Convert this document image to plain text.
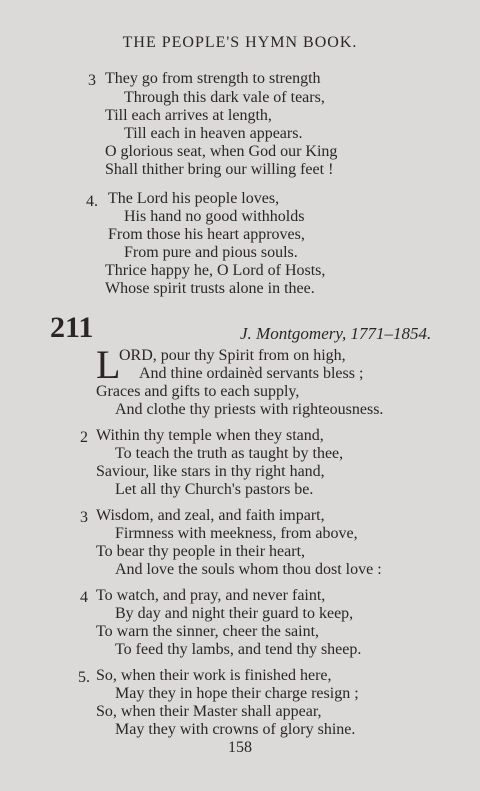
THE PEOPLE'S HYMN BOOK.
3 They go from strength to strength
Through this dark vale of tears,
Till each arrives at length,
Till each in heaven appears.
O glorious seat, when God our King
Shall thither bring our willing feet !
4. The Lord his people loves,
His hand no good withholds
From those his heart approves,
From pure and pious souls.
Thrice happy he, O Lord of Hosts,
Whose spirit trusts alone in thee.
211	J. Montgomery, 1771–1854.
L
ORD, pour thy Spirit from on high,
And thine ordainèd servants bless ;
Graces and gifts to each supply,
And clothe thy priests with righteousness.
2 Within thy temple when they stand,
To teach the truth as taught by thee,
Saviour, like stars in thy right hand,
Let all thy Church's pastors be.
3 Wisdom, and zeal, and faith impart,
Firmness with meekness, from above,
To bear thy people in their heart,
And love the souls whom thou dost love :
4 To watch, and pray, and never faint,
By day and night their guard to keep,
To warn the sinner, cheer the saint,
To feed thy lambs, and tend thy sheep.
5. So, when their work is finished here,
May they in hope their charge resign ;
So, when their Master shall appear,
May they with crowns of glory shine.
158
